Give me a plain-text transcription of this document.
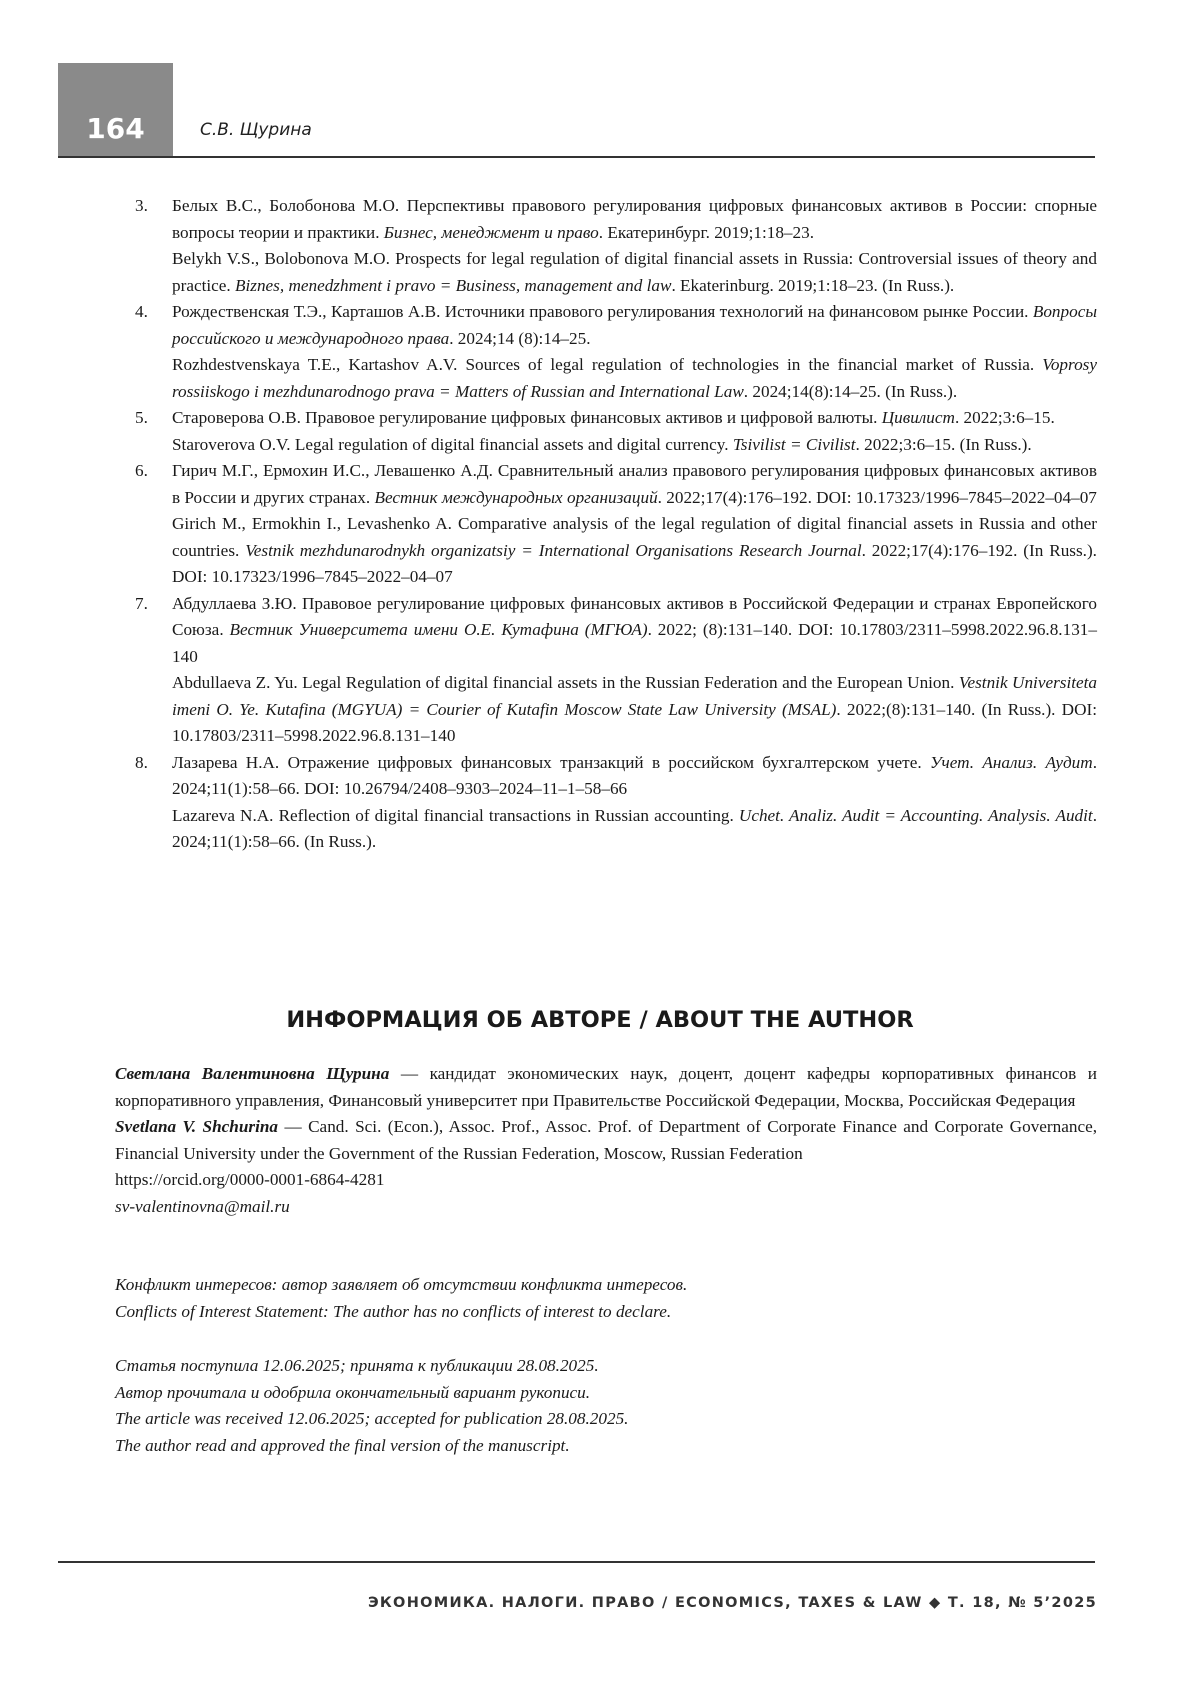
164	С.В. Щурина
3. Белых В.С., Болобонова М.О. Перспективы правового регулирования цифровых финансовых активов в России: спорные вопросы теории и практики. Бизнес, менеджмент и право. Екатеринбург. 2019;1:18–23.

Belykh V.S., Bolobonova M.O. Prospects for legal regulation of digital financial assets in Russia: Controversial issues of theory and practice. Biznes, menedzhment i pravo = Business, management and law. Ekaterinburg. 2019;1:18–23. (In Russ.).

4. Рождественская Т.Э., Карташов А.В. Источники правового регулирования технологий на финансовом рынке России. Вопросы российского и международного права. 2024;14 (8):14–25.

Rozhdestvenskaya T.E., Kartashov A.V. Sources of legal regulation of technologies in the financial market of Russia. Voprosy rossiiskogo i mezhdunarodnogo prava = Matters of Russian and International Law. 2024;14(8):14–25. (In Russ.).

5. Староверова О.В. Правовое регулирование цифровых финансовых активов и цифровой валюты. Цивилист. 2022;3:6–15.

Staroverova O.V. Legal regulation of digital financial assets and digital currency. Tsivilist = Civilist. 2022;3:6–15. (In Russ.).

6. Гирич М.Г., Ермохин И.С., Левашенко А.Д. Сравнительный анализ правового регулирования цифровых финансовых активов в России и других странах. Вестник международных организаций. 2022;17(4):176–192. DOI: 10.17323/1996–7845–2022–04–07

Girich M., Ermokhin I., Levashenko A. Comparative analysis of the legal regulation of digital financial assets in Russia and other countries. Vestnik mezhdunarodnykh organizatsiy = International Organisations Research Journal. 2022;17(4):176–192. (In Russ.). DOI: 10.17323/1996–7845–2022–04–07

7. Абдуллаева З.Ю. Правовое регулирование цифровых финансовых активов в Российской Федерации и странах Европейского Союза. Вестник Университета имени О.Е. Кутафина (МГЮА). 2022; (8):131–140. DOI: 10.17803/2311–5998.2022.96.8.131–140

Abdullaeva Z. Yu. Legal Regulation of digital financial assets in the Russian Federation and the European Union. Vestnik Universiteta imeni O. Ye. Kutafina (MGYUA) = Courier of Kutafin Moscow State Law University (MSAL). 2022;(8):131–140. (In Russ.). DOI: 10.17803/2311–5998.2022.96.8.131–140

8. Лазарева Н.А. Отражение цифровых финансовых транзакций в российском бухгалтерском учете. Учет. Анализ. Аудит. 2024;11(1):58–66. DOI: 10.26794/2408–9303–2024–11–1–58–66

Lazareva N.A. Reflection of digital financial transactions in Russian accounting. Uchet. Analiz. Audit = Accounting. Analysis. Audit. 2024;11(1):58–66. (In Russ.).

ИНФОРМАЦИЯ ОБ АВТОРЕ / ABOUT THE AUTHOR

Светлана Валентиновна Щурина — кандидат экономических наук, доцент, доцент кафедры корпоративных финансов и корпоративного управления, Финансовый университет при Правительстве Российской Федерации, Москва, Российская Федерация

Svetlana V. Shchurina — Cand. Sci. (Econ.), Assoc. Prof., Assoc. Prof. of Department of Corporate Finance and Corporate Governance, Financial University under the Government of the Russian Federation, Moscow, Russian Federation

https://orcid.org/0000-0001-6864-4281
sv-valentinovna@mail.ru

Конфликт интересов: автор заявляет об отсутствии конфликта интересов.

Conflicts of Interest Statement: The author has no conflicts of interest to declare.

Статья поступила 12.06.2025; принята к публикации 28.08.2025.

Автор прочитала и одобрила окончательный вариант рукописи.

The article was received 12.06.2025; accepted for publication 28.08.2025.

The author read and approved the final version of the manuscript.

ЭКОНОМИКА. НАЛОГИ. ПРАВО / ECONOMICS, TAXES & LAW ◆ Т. 18, № 5’2025
